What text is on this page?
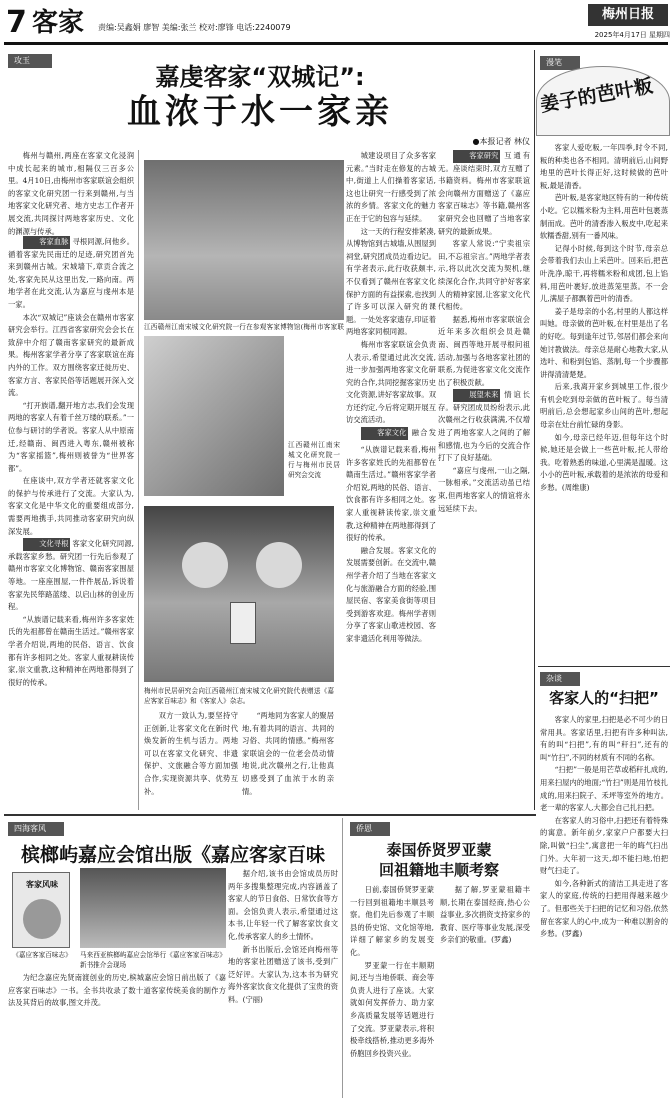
7 客家	责编:吴鑫娟 廖智 美编:张兰 校对:廖锋 电话:2240079
梅州日报
2025年4月17日 星期四
攻玉
嘉虔客家“双城记”:
血浓于水一家亲
●本报记者 林仪
梅州与赣州,两座在客家文化浸润中成长起来的城市,相隔仅三百多公里。4月10日,由梅州市客家联谊会组织的客家文化研究团一行来到赣州,与当地客家文化研究者、地方史志工作者开展交流,共同探讨两地客家历史、文化的渊源与传承。

客家血脉 寻根同源,问他乡。循着客家先民南迁的足迹,研究团首先来到赣州古城。宋城墙下,章贡合流之处,客家先民从这里出发,一路向南。两地学者在此交流,认为嘉应与虔州本是一家。

本次“双城记”座谈会在赣州市客家研究会举行。江西省客家研究会会长在致辞中介绍了赣南客家研究的最新成果。梅州客家学者分享了客家联谊在海内外的工作。双方围绕客家迁徙历史、客家方言、客家民俗等话题展开深入交流。

“打开族谱,翻开地方志,我们会发现两地的客家人有着千丝万缕的联系。”一位参与研讨的学者说。客家人从中原南迁,经赣南、闽西进入粤东,赣州被称为“客家摇篮”,梅州则被誉为“世界客都”。

在座谈中,双方学者还就客家文化的保护与传承进行了交流。大家认为,客家文化是中华文化的重要组成部分,需要两地携手,共同推动客家研究向纵深发展。

文化寻根 客家文化研究同源,承载客家乡愁。研究团一行先后参观了赣州市客家文化博物馆、赣南客家围屋等地。一座座围屋,一件件展品,诉说着客家先民筚路蓝缕、以启山林的创业历程。

“从族谱记载来看,梅州许多客家姓氏的先祖都曾在赣南生活过。”赣州客家学者介绍说,两地的民俗、语言、饮食都有许多相同之处。客家人重视耕读传家,崇文重教,这种精神在两地都得到了很好的传承。

江西赣州江南宋城文化研究院一行在参观客家博物馆(梅州市客家联
江西赣州江南宋城文化研究院一行与梅州市民居研究会交流
梅州市民居研究会向江西赣州江南宋城文化研究院代表赠送《嘉应客家百味志》和《客家人》杂志。

双方一致认为,要坚持守正创新,让客家文化在新时代焕发新的生机与活力。两地可以在客家文化研究、非遗保护、文旅融合等方面加强合作,实现资源共享、优势互补。

“两地同为客家人的聚居地,有着共同的语言、共同的习俗、共同的情感。”梅州客家联谊会的一位老会员动情地说,此次赣州之行,让他真切感受到了血浓于水的亲情。

城建设项目了众多客家元素。”当时走在修复的古城中,街道上人们操着客家话,这也让研究一行感受到了浓浓的乡情。客家文化的魅力正在于它的包容与延续。

这一天的行程安排紧凑,从博物馆到古城墙,从围屋到祠堂,研究团成员边看边记。有学者表示,此行收获颇丰,不仅看到了赣州在客家文化保护方面的有益探索,也找到了许多可以深入研究的课题。一处处客家遗存,印证着两地客家同根同源。

梅州市客家联谊会负责人表示,希望通过此次交流,进一步加强两地客家文化研究的合作,共同挖掘客家历史文化资源,讲好客家故事。双方还约定,今后将定期开展互访交流活动。

客家文化 融合发

客家研究 互通有无。座谈结束时,双方互赠了书籍资料。梅州市客家联谊会向赣州方面赠送了《嘉应客家百味志》等书籍,赣州客家研究会也回赠了当地客家研究的最新成果。

客家人常说:“宁卖祖宗田,不忘祖宗言。”两地学者表示,将以此次交流为契机,继续深化合作,共同守护好客家人的精神家园,让客家文化代代相传。

据悉,梅州市客家联谊会近年来多次组织会员赴赣南、闽西等地开展寻根问祖活动,加强与各地客家社团的联系,为促进客家文化交流作出了积极贡献。

展望未来 情谊长存。研究团成员纷纷表示,此次赣州之行收获满满,不仅增进了两地客家人之间的了解和感情,也为今后的交流合作打下了良好基础。

“嘉应与虔州,一山之隔,一脉相承。”交流活动虽已结束,但两地客家人的情谊将永远延续下去。

“从族谱记载来看,梅州许多客家姓氏的先祖都曾在赣南生活过。”赣州客家学者介绍说,两地的民俗、语言、饮食都有许多相同之处。客家人重视耕读传家,崇文重教,这种精神在两地都得到了很好的传承。

融合发展。客家文化的发展需要创新。在交流中,赣州学者介绍了当地在客家文化与旅游融合方面的经验,围屋民宿、客家美食街等项目受到游客欢迎。梅州学者则分享了客家山歌进校园、客家非遗活化利用等做法。

漫笔
姜子的芭叶粄

客家人爱吃粄,一年四季,时令不同,粄的种类也各不相同。清明前后,山间野地里的芭叶长得正好,这时候做的芭叶粄,最是清香。

芭叶粄,是客家地区特有的一种传统小吃。它以糯米粉为主料,用芭叶包裹蒸制而成。芭叶的清香渗入粄皮中,吃起来软糯香甜,别有一番风味。

记得小时候,每到这个时节,母亲总会带着我们去山上采芭叶。回来后,把芭叶洗净,晾干,再将糯米粉和成团,包上馅料,用芭叶裹好,放进蒸笼里蒸。不一会儿,满屋子都飘着芭叶的清香。

姜子是母亲的小名,村里的人都这样叫她。母亲做的芭叶粄,在村里是出了名的好吃。每到逢年过节,邻居们都会来向她讨教做法。母亲总是耐心地教大家,从选叶、和粉到包馅、蒸制,每一个步骤都讲得清清楚楚。

后来,我离开家乡到城里工作,很少有机会吃到母亲做的芭叶粄了。每当清明前后,总会想起家乡山间的芭叶,想起母亲在灶台前忙碌的身影。

如今,母亲已经年迈,但每年这个时候,她还是会做上一些芭叶粄,托人带给我。吃着熟悉的味道,心里满是温暖。这小小的芭叶粄,承载着的是浓浓的母爱和乡愁。(周维康)

杂谈
客家人的“扫把”

客家人的家里,扫把是必不可少的日常用具。客家话里,扫把有许多种叫法,有的叫“扫把”,有的叫“秆扫”,还有的叫“竹扫”,不同的材质有不同的名称。

“扫把”一般是用芒草或稻秆扎成的,用来扫屋内的地面;“竹扫”则是用竹枝扎成的,用来扫院子、禾坪等室外的地方。老一辈的客家人,大都会自己扎扫把。

在客家人的习俗中,扫把还有着特殊的寓意。新年前夕,家家户户都要大扫除,叫做“扫尘”,寓意把一年的晦气扫出门外。大年初一这天,却不能扫地,怕把财气扫走了。

如今,各种新式的清洁工具走进了客家人的家庭,传统的扫把用得越来越少了。但那些关于扫把的记忆和习俗,依然留在客家人的心中,成为一种难以割舍的乡愁。(罗鑫)

四海客风
槟榔屿嘉应会馆出版《嘉应客家百味
客家风味
《嘉应客家百味志》	马来西亚槟榔屿嘉应会馆举行《嘉应客家百味志》新书推介会现场

据介绍,该书由会馆成员历时两年多搜集整理完成,内容涵盖了客家人的节日食俗、日常饮食等方面。会馆负责人表示,希望通过这本书,让年轻一代了解客家饮食文化,传承客家人的乡土情怀。

新书出版后,会馆还向梅州等地的客家社团赠送了该书,受到广泛好评。大家认为,这本书为研究海外客家饮食文化提供了宝贵的资料。(宁丽)

为纪念嘉应先贤南渡创业的历史,槟城嘉应会馆日前出版了《嘉应客家百味志》一书。全书共收录了数十道客家传统美食的制作方法及其背后的故事,图文并茂。

侨恩
泰国侨贤罗亚蒙
回祖籍地丰顺考察

日前,泰国侨贤罗亚蒙一行回到祖籍地丰顺县考察。他们先后参观了丰顺县的侨史馆、文化馆等地,详细了解家乡的发展变化。

罗亚蒙一行在丰顺期间,还与当地侨联、商会等负责人进行了座谈。大家就如何发挥侨力、助力家乡高质量发展等话题进行了交流。罗亚蒙表示,将积极牵线搭桥,推动更多海外侨胞回乡投资兴业。

据了解,罗亚蒙祖籍丰顺,长期在泰国经商,热心公益事业,多次捐资支持家乡的教育、医疗等事业发展,深受乡亲们的敬重。(罗鑫)
